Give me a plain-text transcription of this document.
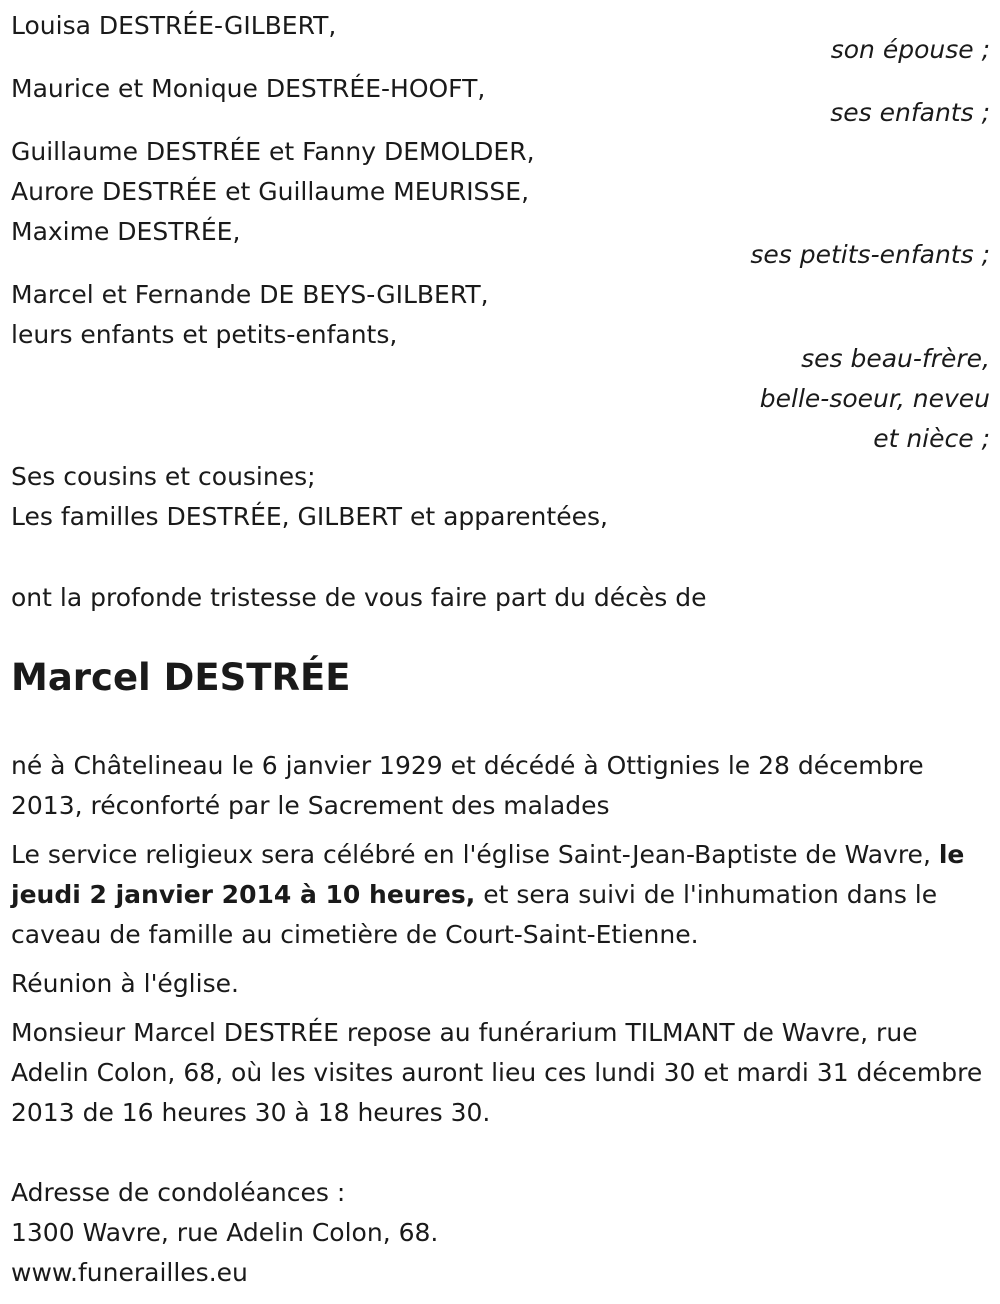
Louisa DESTRÉE-GILBERT,
son épouse ;
Maurice et Monique DESTRÉE-HOOFT,
ses enfants ;
Guillaume DESTRÉE et Fanny DEMOLDER,
Aurore DESTRÉE et Guillaume MEURISSE,
Maxime DESTRÉE,
ses petits-enfants ;
Marcel et Fernande DE BEYS-GILBERT,
leurs enfants et petits-enfants,
ses beau-frère,
belle-soeur, neveu
et nièce ;
Ses cousins et cousines;
Les familles DESTRÉE, GILBERT et apparentées,
ont la profonde tristesse de vous faire part du décès de
Marcel DESTRÉE
né à Châtelineau le 6 janvier 1929 et décédé à Ottignies le 28 décembre 2013, réconforté par le Sacrement des malades
Le service religieux sera célébré en l'église Saint-Jean-Baptiste de Wavre, le jeudi 2 janvier 2014 à 10 heures, et sera suivi de l'inhumation dans le caveau de famille au cimetière de Court-Saint-Etienne.
Réunion à l'église.
Monsieur Marcel DESTRÉE repose au funérarium TILMANT de Wavre, rue Adelin Colon, 68, où les visites auront lieu ces lundi 30 et mardi 31 décembre 2013 de 16 heures 30 à 18 heures 30.
Adresse de condoléances :
1300 Wavre, rue Adelin Colon, 68.
www.funerailles.eu
